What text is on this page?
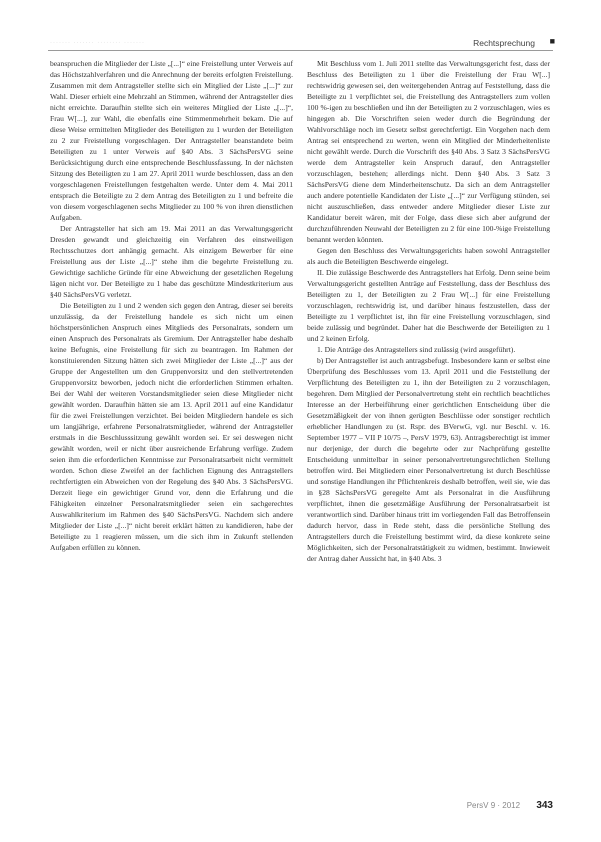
······· ······· ········ ·······	Rechtsprechung ■

beanspruchen die Mitglieder der Liste „[...]“ eine Freistellung unter Verweis auf das Höchstzahlverfahren und die Anrechnung der bereits erfolgten Freistellung. Zusammen mit dem Antragsteller stellte sich ein Mitglied der Liste „[...]“ zur Wahl. Dieser erhielt eine Mehrzahl an Stimmen, während der Antragsteller dies nicht erreichte. Daraufhin stellte sich ein weiteres Mitglied der Liste „[...]“, Frau W[...], zur Wahl, die ebenfalls eine Stimmenmehrheit bekam. Die auf diese Weise ermittelten Mitglieder des Beteiligten zu 1 wurden der Beteiligten zu 2 zur Freistellung vorgeschlagen. Der Antragsteller beanstandete beim Beteiligten zu 1 unter Verweis auf §40 Abs. 3 SächsPersVG seine Berücksichtigung durch eine entsprechende Beschlussfassung. In der nächsten Sitzung des Beteiligten zu 1 am 27. April 2011 wurde beschlossen, dass an den vorgeschlagenen Freistellungen festgehalten werde. Unter dem 4. Mai 2011 entsprach die Beteiligte zu 2 dem Antrag des Beteiligten zu 1 und befreite die von diesem vorgeschlagenen sechs Mitglieder zu 100 % von ihren dienstlichen Aufgaben.

Der Antragsteller hat sich am 19. Mai 2011 an das Verwaltungsgericht Dresden gewandt und gleichzeitig ein Verfahren des einstweiligen Rechtsschutzes dort anhängig gemacht. Als einzigem Bewerber für eine Freistellung aus der Liste „[...]“ stehe ihm die begehrte Freistellung zu. Gewichtige sachliche Gründe für eine Abweichung der gesetzlichen Regelung lägen nicht vor. Der Beteiligte zu 1 habe das geschützte Mindestkriterium aus §40 SächsPersVG verletzt.

Die Beteiligten zu 1 und 2 wenden sich gegen den Antrag, dieser sei bereits unzulässig, da der Freistellung handele es sich nicht um einen höchstpersönlichen Anspruch eines Mitglieds des Personalrats, sondern um einen Anspruch des Personalrats als Gremium. Der Antragsteller habe deshalb keine Befugnis, eine Freistellung für sich zu beantragen. Im Rahmen der konstituierenden Sitzung hätten sich zwei Mitglieder der Liste „[...]“ aus der Gruppe der Angestellten um den Gruppenvorsitz und den stellvertretenden Gruppenvorsitz beworben, jedoch nicht die erforderlichen Stimmen erhalten. Bei der Wahl der weiteren Vorstandsmitglieder seien diese Mitglieder nicht gewählt worden. Daraufhin hätten sie am 13. April 2011 auf eine Kandidatur für die zwei Freistellungen verzichtet. Bei beiden Mitgliedern handele es sich um langjährige, erfahrene Personalratsmitglieder, während der Antragsteller erstmals in die Beschlusssitzung gewählt worden sei. Er sei deswegen nicht gewählt worden, weil er nicht über ausreichende Erfahrung verfüge. Zudem seien ihm die erforderlichen Kenntnisse zur Personalratsarbeit nicht vermittelt worden. Schon diese Zweifel an der fachlichen Eignung des Antragstellers rechtfertigten ein Abweichen von der Regelung des §40 Abs. 3 SächsPersVG. Derzeit liege ein gewichtiger Grund vor, denn die Erfahrung und die Fähigkeiten einzelner Personalratsmitglieder seien ein sachgerechtes Auswahlkriterium im Rahmen des §40 SächsPersVG. Nachdem sich andere Mitglieder der Liste „[...]“ nicht bereit erklärt hätten zu kandidieren, habe der Beteiligte zu 1 reagieren müssen, um die sich ihm in Zukunft stellenden Aufgaben erfüllen zu können.

Mit Beschluss vom 1. Juli 2011 stellte das Verwaltungsgericht fest, dass der Beschluss des Beteiligten zu 1 über die Freistellung der Frau W[...] rechtswidrig gewesen sei, den weitergehenden Antrag auf Feststellung, dass die Beteiligte zu 1 verpflichtet sei, die Freistellung des Antragstellers zum vollen 100 %-igen zu beschließen und ihn der Beteiligten zu 2 vorzuschlagen, wies es hingegen ab. Die Vorschriften seien weder durch die Begründung der Wahlvorschläge noch im Gesetz selbst gerechtfertigt. Ein Vorgehen nach dem Antrag sei entsprechend zu werten, wenn ein Mitglied der Minderheitenliste nicht gewählt werde. Durch die Vorschrift des §40 Abs. 3 Satz 3 SächsPersVG werde dem Antragsteller kein Anspruch darauf, den Antragsteller vorzuschlagen, bestehen; allerdings nicht. Denn §40 Abs. 3 Satz 3 SächsPersVG diene dem Minderheitenschutz. Da sich an dem Antragsteller auch andere potentielle Kandidaten der Liste „[...]“ zur Verfügung stünden, sei nicht auszuschließen, dass entweder andere Mitglieder dieser Liste zur Kandidatur bereit wären, mit der Folge, dass diese sich aber aufgrund der durchzuführenden Neuwahl der Beteiligten zu 2 für eine 100-%ige Freistellung benannt werden könnten.

Gegen den Beschluss des Verwaltungsgerichts haben sowohl Antragsteller als auch die Beteiligten Beschwerde eingelegt.

II. Die zulässige Beschwerde des Antragstellers hat Erfolg. Denn seine beim Verwaltungsgericht gestellten Anträge auf Feststellung, dass der Beschluss des Beteiligten zu 1, der Beteiligten zu 2 Frau W[...] für eine Freistellung vorzuschlagen, rechtswidrig ist, und darüber hinaus festzustellen, dass der Beteiligte zu 1 verpflichtet ist, ihn für eine Freistellung vorzuschlagen, sind beide zulässig und begründet. Daher hat die Beschwerde der Beteiligten zu 1 und 2 keinen Erfolg.

1. Die Anträge des Antragstellers sind zulässig (wird ausgeführt).

b) Der Antragsteller ist auch antragsbefugt. Insbesondere kann er selbst eine Überprüfung des Beschlusses vom 13. April 2011 und die Feststellung der Verpflichtung des Beteiligten zu 1, ihn der Beteiligten zu 2 vorzuschlagen, begehren. Dem Mitglied der Personalvertretung steht ein rechtlich beachtliches Interesse an der Herbeiführung einer gerichtlichen Entscheidung über die Gesetzmäßigkeit der von ihnen gerügten Beschlüsse oder sonstiger rechtlich erheblicher Handlungen zu (st. Rspr. des BVerwG, vgl. nur Beschl. v. 16. September 1977 – VII P 10/75 –, PersV 1979, 63). Antragsberechtigt ist immer nur derjenige, der durch die begehrte oder zur Nachprüfung gestellte Entscheidung unmittelbar in seiner personalvertretungsrechtlichen Stellung betroffen wird. Bei Mitgliedern einer Personalvertretung ist durch Beschlüsse und sonstige Handlungen ihr Pflichtenkreis deshalb betroffen, weil sie, wie das in §28 SächsPersVG geregelte Amt als Personalrat in die Ausführung verpflichtet, ihnen die gesetzmäßige Ausführung der Personalratsarbeit ist verantwortlich sind. Darüber hinaus tritt im vorliegenden Fall das Betroffensein dadurch hervor, dass in Rede steht, dass die persönliche Stellung des Antragstellers durch die Freistellung bestimmt wird, da diese konkrete seine Möglichkeiten, sich der Personalratstätigkeit zu widmen, bestimmt. Inwieweit der Antrag daher Aussicht hat, in §40 Abs. 3

PersV 9 · 2012 343
